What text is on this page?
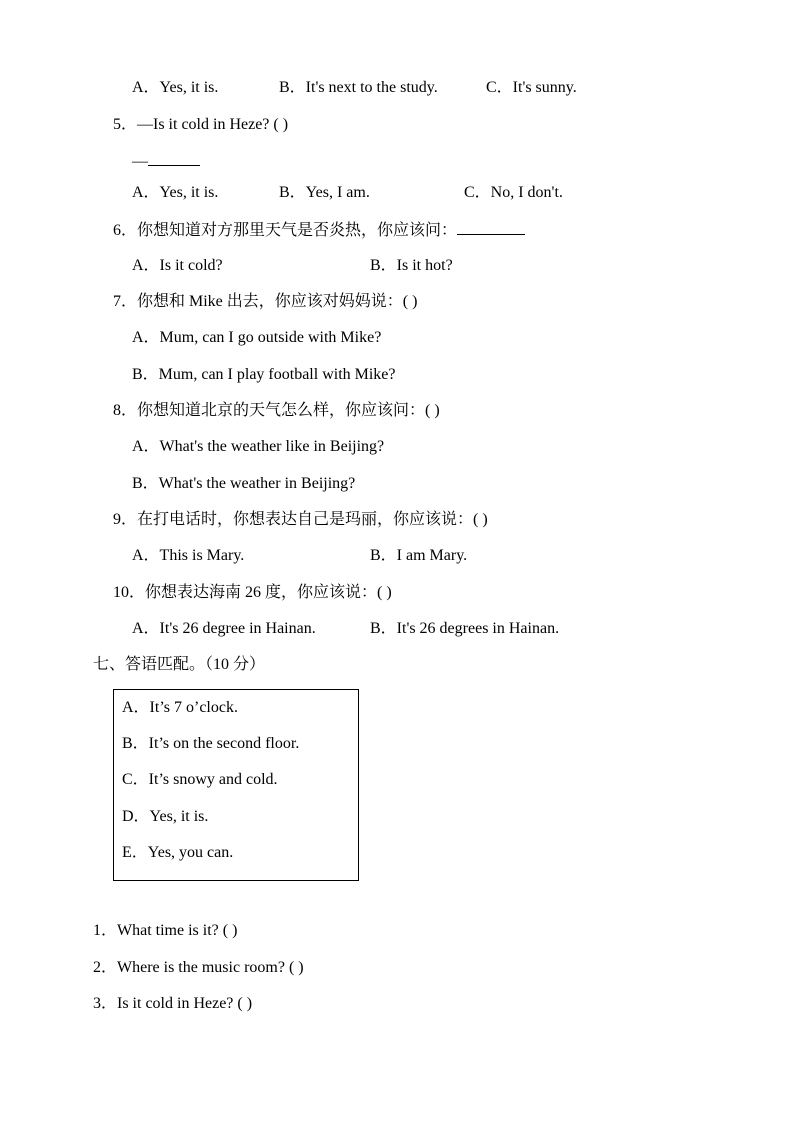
A．Yes, it is.	B．It's next to the study.	C．It's sunny.
5．—Is it cold in Heze? ( )
—
A．Yes, it is.	B．Yes, I am.	C．No, I don't.
6．你想知道对方那里天气是否炎热，你应该问：
A．Is it cold?	B．Is it hot?
7．你想和 Mike 出去，你应该对妈妈说：( )
A．Mum, can I go outside with Mike?
B．Mum, can I play football with Mike?
8．你想知道北京的天气怎么样，你应该问：( )
A．What's the weather like in Beijing?
B．What's the weather in Beijing?
9．在打电话时，你想表达自己是玛丽，你应该说：( )
A．This is Mary.	B．I am Mary.
10．你想表达海南 26 度，你应该说：( )
A．It's 26 degree in Hainan.	B．It's 26 degrees in Hainan.
七、答语匹配。（10 分）
A．It’s 7 o’clock.
B．It’s on the second floor.
C．It’s snowy and cold.
D．Yes, it is.
E．Yes, you can.
1．What time is it? ( )
2．Where is the music room? ( )
3．Is it cold in Heze? ( )
